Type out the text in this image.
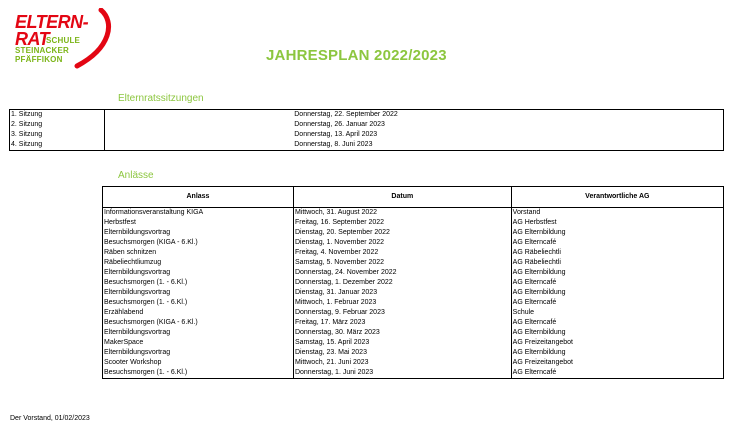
ELTERN-
RAT
SCHULE
STEINACKER
PFÄFFIKON	JAHRESPLAN 2022/2023
Elternratssitzungen
1. Sitzung		Donnerstag, 22. September 2022
2. Sitzung		Donnerstag, 26. Januar 2023
3. Sitzung		Donnerstag, 13. April 2023
4. Sitzung		Donnerstag, 8. Juni 2023
Anlässe
Anlass	Datum	Verantwortliche AG
Informationsveranstaltung KIGA	Mittwoch, 31. August 2022	Vorstand
Herbstfest	Freitag, 16. September 2022	AG Herbstfest
Elternbildungsvortrag	Dienstag, 20. September 2022	AG Elternbildung
Besuchsmorgen (KIGA - 6.Kl.)	Dienstag, 1. November 2022	AG Elterncafé
Räben schnitzen	Freitag, 4. November 2022	AG Räbeliechtli
Räbeliechtliumzug	Samstag, 5. November 2022	AG Räbeliechtli
Elternbildungsvortrag	Donnerstag, 24. November 2022	AG Elternbildung
Besuchsmorgen (1. - 6.Kl.)	Donnerstag, 1. Dezember 2022	AG Elterncafé
Elternbildungsvortrag	Dienstag, 31. Januar 2023	AG Elternbildung
Besuchsmorgen (1. - 6.Kl.)	Mittwoch, 1. Februar 2023	AG Elterncafé
Erzählabend	Donnerstag, 9. Februar 2023	Schule
Besuchsmorgen (KIGA - 6.Kl.)	Freitag, 17. März 2023	AG Elterncafé
Elternbildungsvortrag	Donnerstag, 30. März 2023	AG Elternbildung
MakerSpace	Samstag, 15. April 2023	AG Freizeitangebot
Elternbildungsvortrag	Dienstag, 23. Mai 2023	AG Elternbildung
Scooter Workshop	Mittwoch, 21. Juni 2023	AG Freizeitangebot
Besuchsmorgen (1. - 6.Kl.)	Donnerstag, 1. Juni 2023	AG Elterncafé
Der Vorstand, 01/02/2023
